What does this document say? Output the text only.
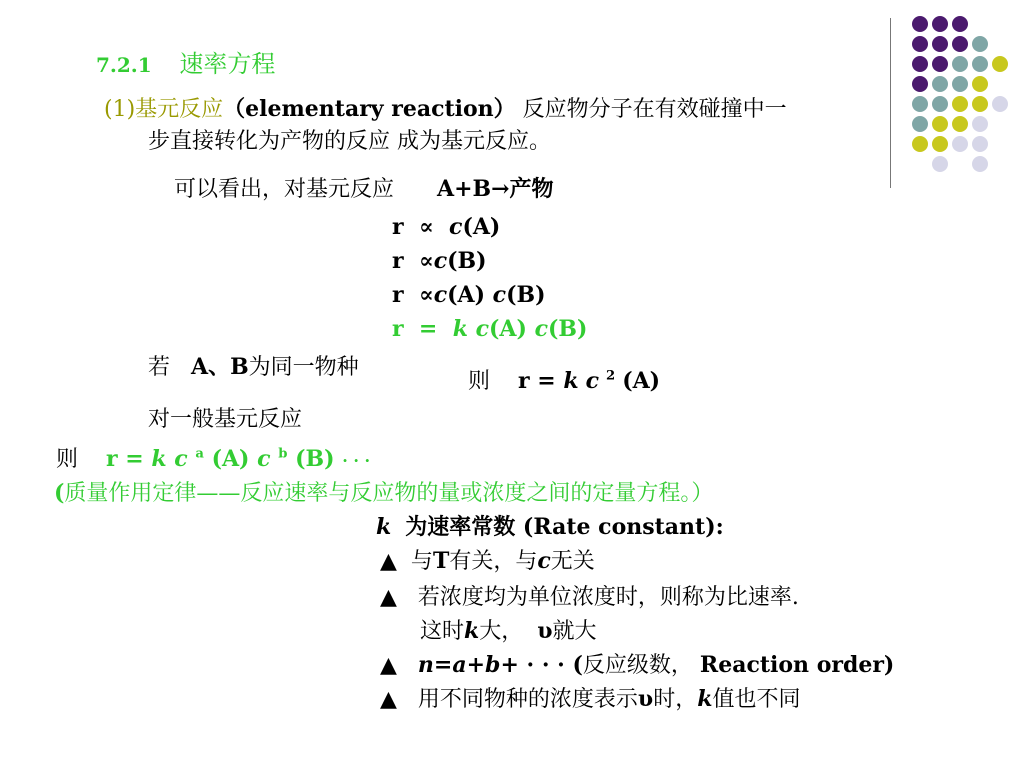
7.2.1 速率方程
(1)基元反应（elementary reaction） 反应物分子在有效碰撞中一
步直接转化为产物的反应 成为基元反应。
可以看出，对基元反应 A+B→产物
r ∝ c(A)
r ∝c(B)
r ∝c(A) c(B)
r = k c(A) c(B)
若 A、B为同一物种
则 r = k c $^2$ (A)
对一般基元反应
则 r = k c $^a$ (A) c $^b$ (B) · · ·
(质量作用定律——反应速率与反应物的量或浓度之间的定量方程。）
k 为速率常数 (Rate constant):
▲ 与T有关，与c无关
▲ 若浓度均为单位浓度时，则称为比速率.
这时k大， υ就大
▲ n=a+b+ · · · (反应级数， Reaction order)
▲ 用不同物种的浓度表示υ时，k值也不同
